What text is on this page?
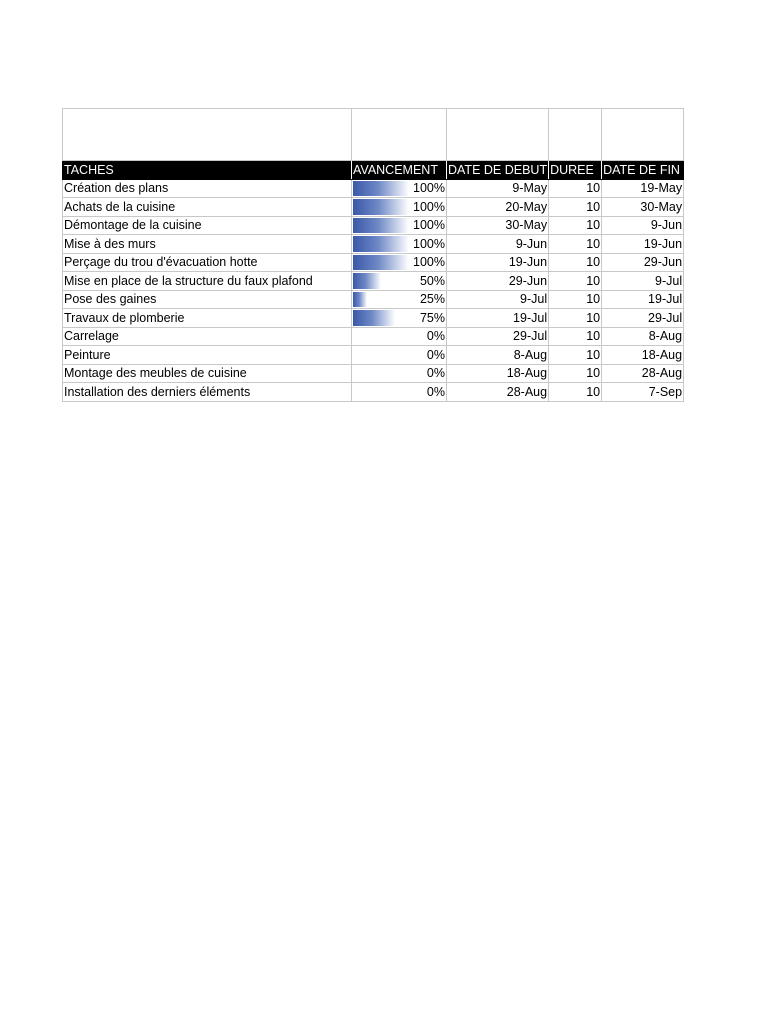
TACHES	AVANCEMENT	DATE DE DEBUT	DUREE	DATE DE FIN
Création des plans	100%	9-May	10	19-May
Achats de la cuisine	100%	20-May	10	30-May
Démontage de la cuisine	100%	30-May	10	9-Jun
Mise à des murs	100%	9-Jun	10	19-Jun
Perçage du trou d'évacuation hotte	100%	19-Jun	10	29-Jun
Mise en place de la structure du faux plafond	50%	29-Jun	10	9-Jul
Pose des gaines	25%	9-Jul	10	19-Jul
Travaux de plomberie	75%	19-Jul	10	29-Jul
Carrelage	0%	29-Jul	10	8-Aug
Peinture	0%	8-Aug	10	18-Aug
Montage des meubles de cuisine	0%	18-Aug	10	28-Aug
Installation des derniers éléments	0%	28-Aug	10	7-Sep
